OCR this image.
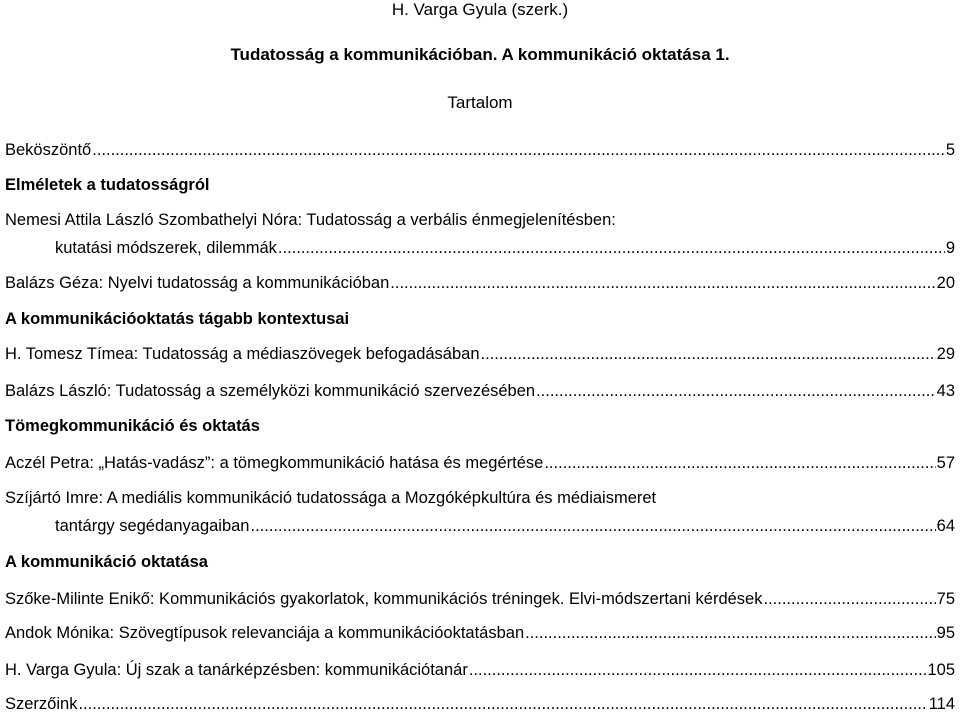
H. Varga Gyula (szerk.)
Tudatosság a kommunikációban. A kommunikáció oktatása 1.
Tartalom
Beköszöntő .....	5
Elméletek a tudatosságról
Nemesi Attila László Szombathelyi Nóra: Tudatosság a verbális énmegjelenítésben:
kutatási módszerek, dilemmák .....	9
Balázs Géza: Nyelvi tudatosság a kommunikációban .....	20
A kommunikációoktatás tágabb kontextusai
H. Tomesz Tímea: Tudatosság a médiaszövegek befogadásában .....	29
Balázs László: Tudatosság a személyközi kommunikáció szervezésében .....	43
Tömegkommunikáció és oktatás
Aczél Petra: „Hatás-vadász”: a tömegkommunikáció hatása és megértése .....	57
Szíjártó Imre: A mediális kommunikáció tudatossága a Mozgóképkultúra és médiaismeret
tantárgy segédanyagaiban .....	64
A kommunikáció oktatása
Szőke-Milinte Enikő: Kommunikációs gyakorlatok, kommunikációs tréningek. Elvi-módszertani kérdések .....	75
Andok Mónika: Szövegtípusok relevanciája a kommunikációoktatásban .....	95
H. Varga Gyula: Új szak a tanárképzésben: kommunikációtanár .....	105
Szerzőink .....	114
